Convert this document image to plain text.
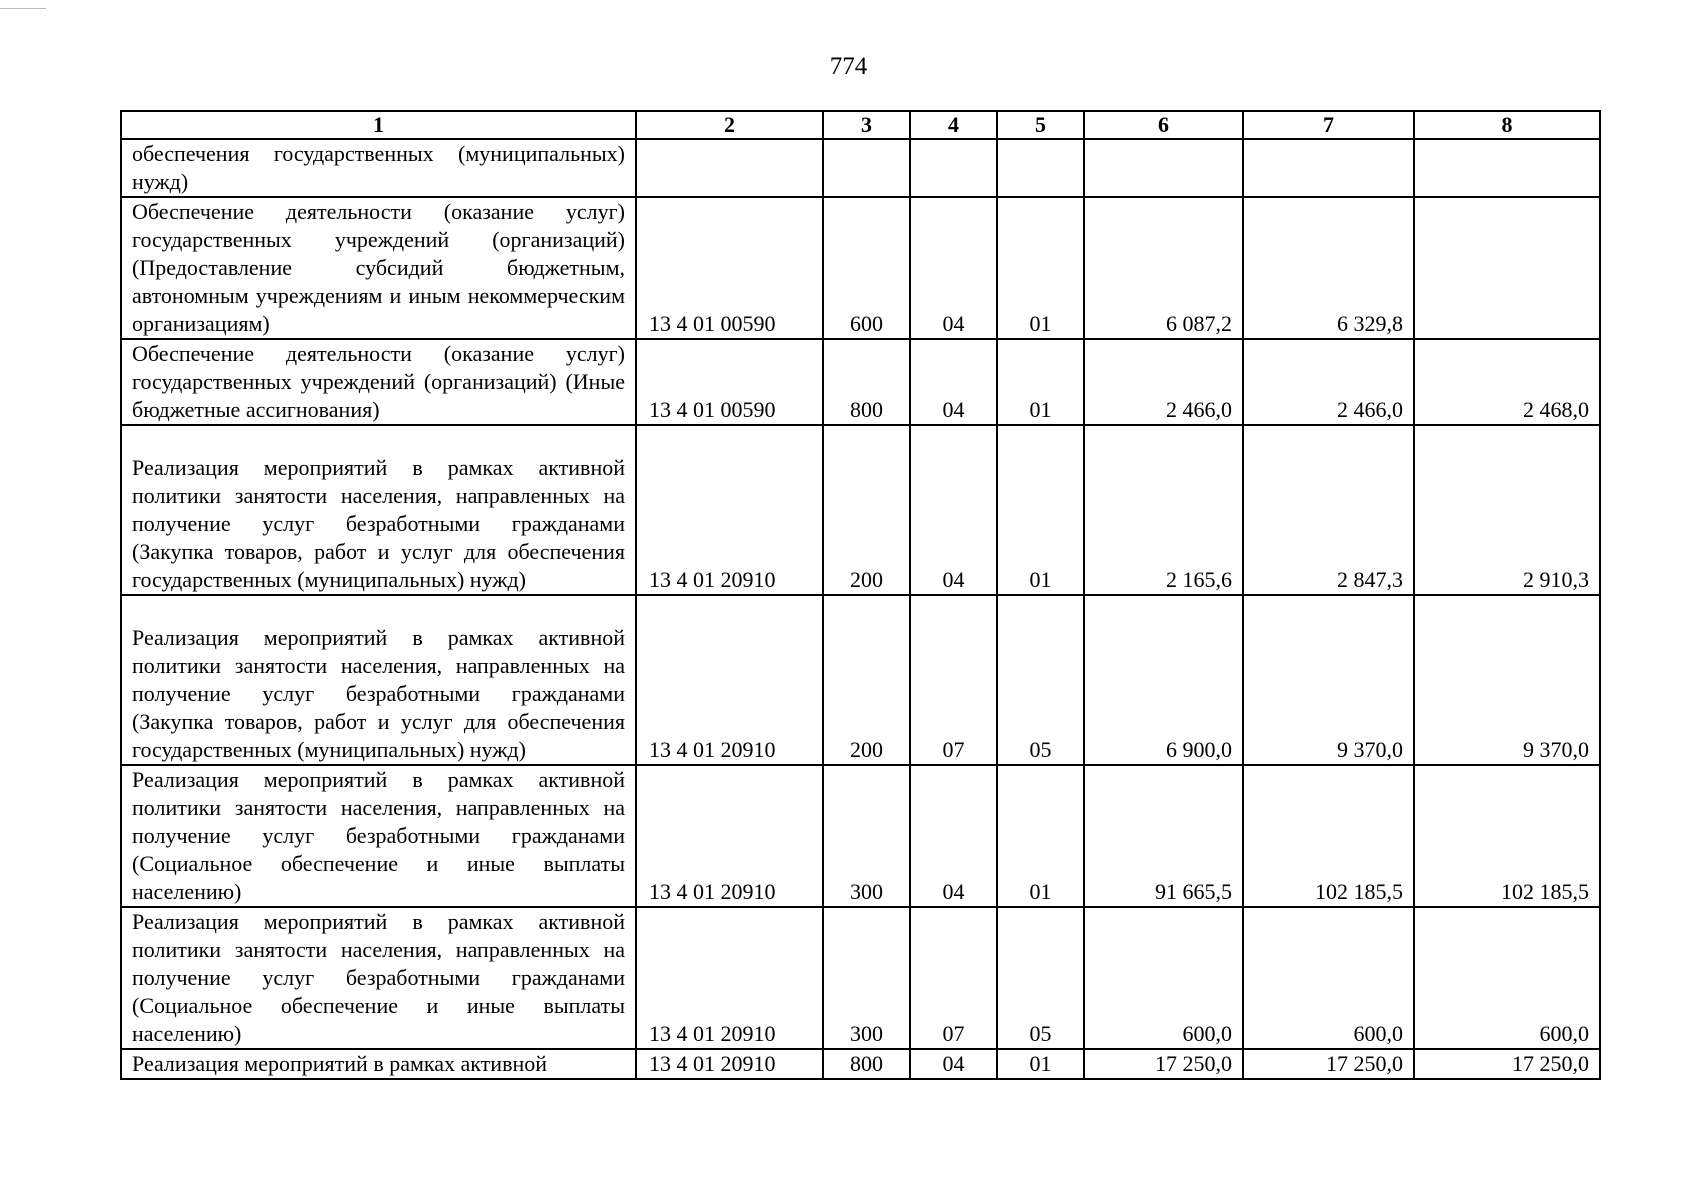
774
1	2	3	4	5	6	7	8
обеспечения государственных (муниципальных) нужд)							
Обеспечение деятельности (оказание услуг) государственных учреждений (организаций) (Предоставление субсидий бюджетным, автономным учреждениям и иным некоммерческим организациям)	13 4 01 00590	600	04	01	6 087,2	6 329,8	
Обеспечение деятельности (оказание услуг) государственных учреждений (организаций) (Иные бюджетные ассигнования)	13 4 01 00590	800	04	01	2 466,0	2 466,0	2 468,0
Реализация мероприятий в рамках активной политики занятости населения, направленных на получение услуг безработными гражданами (Закупка товаров, работ и услуг для обеспечения государственных (муниципальных) нужд)	13 4 01 20910	200	04	01	2 165,6	2 847,3	2 910,3
Реализация мероприятий в рамках активной политики занятости населения, направленных на получение услуг безработными гражданами (Закупка товаров, работ и услуг для обеспечения государственных (муниципальных) нужд)	13 4 01 20910	200	07	05	6 900,0	9 370,0	9 370,0
Реализация мероприятий в рамках активной политики занятости населения, направленных на получение услуг безработными гражданами (Социальное обеспечение и иные выплаты населению)	13 4 01 20910	300	04	01	91 665,5	102 185,5	102 185,5
Реализация мероприятий в рамках активной политики занятости населения, направленных на получение услуг безработными гражданами (Социальное обеспечение и иные выплаты населению)	13 4 01 20910	300	07	05	600,0	600,0	600,0
Реализация мероприятий в рамках активной	13 4 01 20910	800	04	01	17 250,0	17 250,0	17 250,0
